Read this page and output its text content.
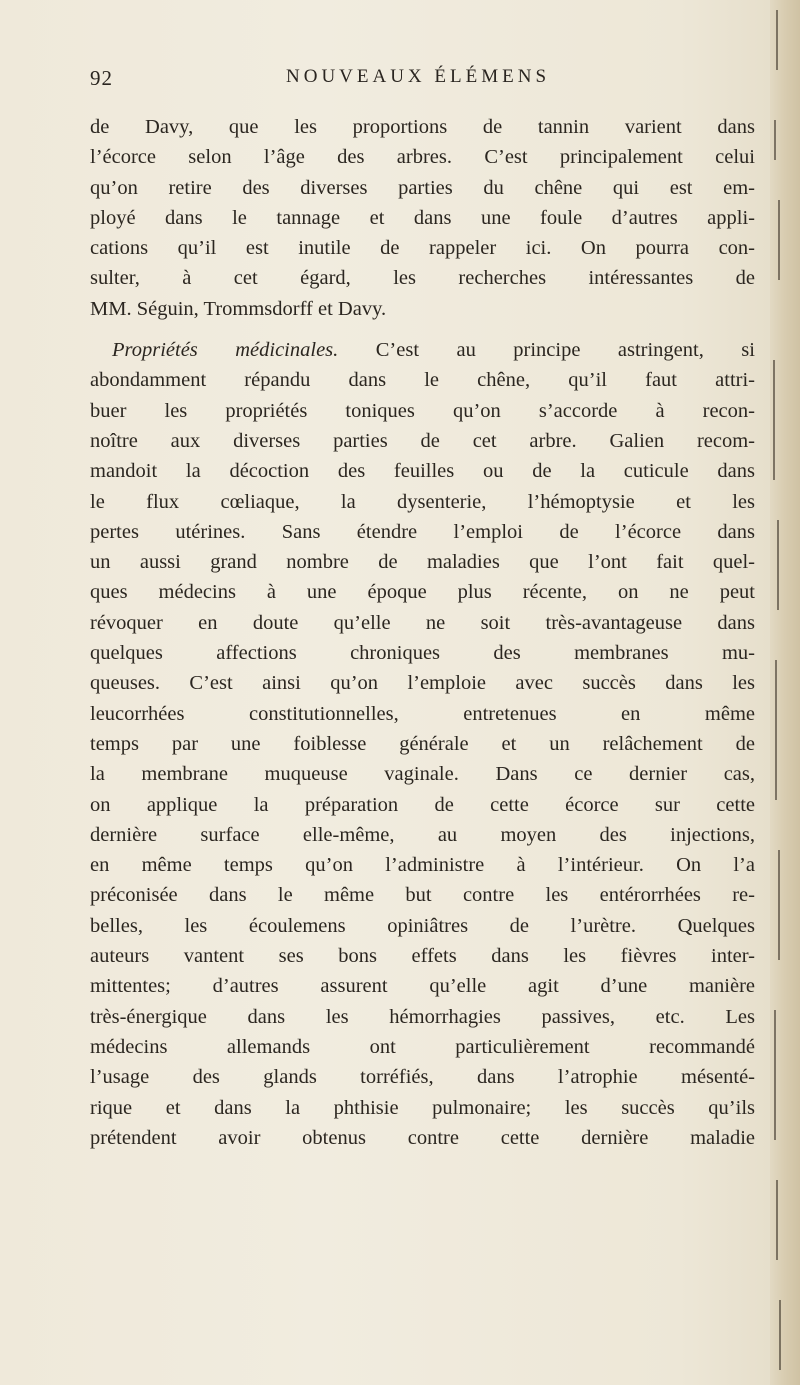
92	NOUVEAUX ÉLÉMENS
de Davy, que les proportions de tannin varient dans
l’écorce selon l’âge des arbres. C’est principalement celui
qu’on retire des diverses parties du chêne qui est em-
ployé dans le tannage et dans une foule d’autres appli-
cations qu’il est inutile de rappeler ici. On pourra con-
sulter, à cet égard, les recherches intéressantes de
MM. Séguin, Trommsdorff et Davy.
Propriétés médicinales. C’est au principe astringent, si
abondamment répandu dans le chêne, qu’il faut attri-
buer les propriétés toniques qu’on s’accorde à recon-
noître aux diverses parties de cet arbre. Galien recom-
mandoit la décoction des feuilles ou de la cuticule dans
le flux cœliaque, la dysenterie, l’hémoptysie et les
pertes utérines. Sans étendre l’emploi de l’écorce dans
un aussi grand nombre de maladies que l’ont fait quel-
ques médecins à une époque plus récente, on ne peut
révoquer en doute qu’elle ne soit très-avantageuse dans
quelques affections chroniques des membranes mu-
queuses. C’est ainsi qu’on l’emploie avec succès dans les
leucorrhées constitutionnelles, entretenues en même
temps par une foiblesse générale et un relâchement de
la membrane muqueuse vaginale. Dans ce dernier cas,
on applique la préparation de cette écorce sur cette
dernière surface elle-même, au moyen des injections,
en même temps qu’on l’administre à l’intérieur. On l’a
préconisée dans le même but contre les entérorrhées re-
belles, les écoulemens opiniâtres de l’urètre. Quelques
auteurs vantent ses bons effets dans les fièvres inter-
mittentes; d’autres assurent qu’elle agit d’une manière
très-énergique dans les hémorrhagies passives, etc. Les
médecins allemands ont particulièrement recommandé
l’usage des glands torréfiés, dans l’atrophie mésenté-
rique et dans la phthisie pulmonaire; les succès qu’ils
prétendent avoir obtenus contre cette dernière maladie
